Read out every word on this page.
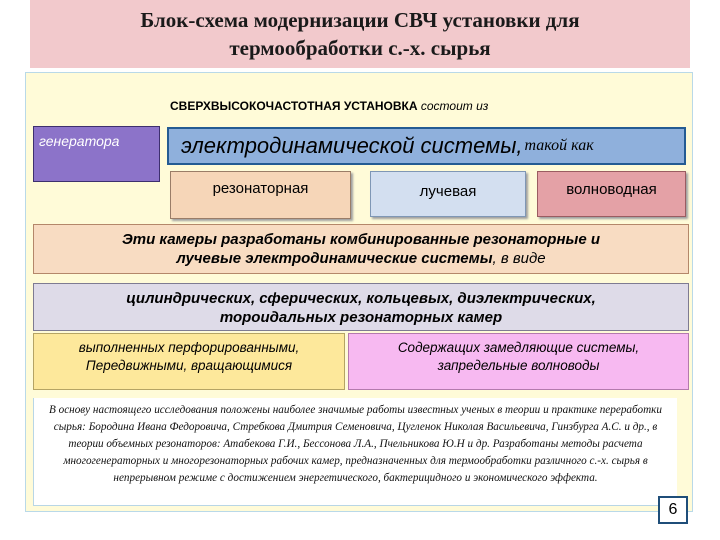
Блок-схема модернизации СВЧ установки для
термообработки с.-х. сырья
СВЕРХВЫСОКОЧАСТОТНАЯ УСТАНОВКА состоит из
генератора	электродинамической системы, такой как
резонаторная	лучевая	волноводная
Эти камеры разработаны комбинированные резонаторные и
лучевые электродинамические системы, в виде
цилиндрических, сферических, кольцевых, диэлектрических,
тороидальных резонаторных камер
выполненных перфорированными,
Передвижными, вращающимися
Содержащих замедляющие системы,
запредельные волноводы
В основу настоящего исследования положены наиболее значимые работы известных ученых в теории и практике переработки сырья: Бородина Ивана Федоровича, Стребкова Дмитрия Семеновича, Цугленок Николая Васильевича, Гинзбурга А.С. и др., в теории объемных резонаторов: Атабекова Г.И., Бессонова Л.А., Пчельникова Ю.Н и др. Разработаны методы расчета многогенераторных и многорезонаторных рабочих камер, предназначенных для термообработки различного с.-х. сырья в непрерывном режиме с достижением энергетического, бактерицидного и экономического эффекта.
6
